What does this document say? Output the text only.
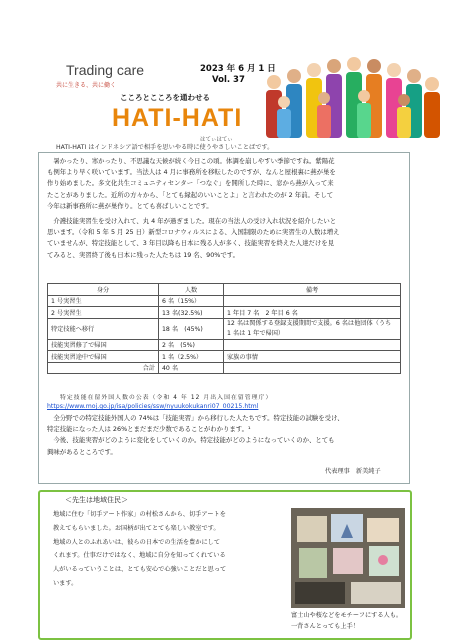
Trading care
共に生きる、共に働く
2023 年 6 月 1 日
Vol. 37
こころとこころを通わせる
HATI-HATI
はてぃはてぃ
HATI-HATI はインドネシア語で相手を思いやる時に使うやさしいことばです。
　暑かったり、寒かったり、不思議な天候が続く今日この頃。体調を崩しやすい季節ですね。紫陽花
も例年より早く咲いています。当法人は 4 月に事務所を移転したのですが、なんと屋根裏に燕が巣を
作り始めました。多文化共生コミュニティセンター「つなぐ」を開所した時に、窓から燕が入って来
たことがありました。近所の方々から、「とても縁起のいいことよ」と言われたのが 2 年前。そして
今年は新事務所に燕が巣作り。とても喜ばしいことです。
　介護技能実習生を受け入れて、丸 4 年が過ぎました。現在の当法人の受け入れ状況を紹介したいと
思います。（令和 5 年 5 月 25 日）新型コロナウィルスによる、入国制限のために実習生の人数は増え
ていませんが、特定技能として、3 年目以降も日本に残る人が多く、技能実習を終えた人達だけを見
てみると、実習終了後も日本に残った人たちは 19 名、90%です。
身分	人数	備考
1 号実習生	6 名（15%）	
2 号実習生	13 名(32.5%)	1 年目 7 名　2 年目 6 名
特定技能へ移行	18 名　(45%)	12 名は関係する登録支援期間で支援。6 名は他団体（うち 1 名は 1 年で帰国）
技能実習修了で帰国	2 名　(5%)	
技能実習途中で帰国	1 名（2.5%）	家族の事情
合計	40 名	
特定技能在留外国人数の公表（令和 4 年 12 月出入国在留管理庁）
https://www.moj.go.jp/isa/policies/ssw/nyuukokukanri07_00215.html
　全分野での特定技能外国人の 74%は「技能実習」から移行した人たちです。特定技能の試験を受け、
特定技能になった人は 26%とまだまだ少数であることがわかります。¹
　今後、技能実習がどのように変化をしていくのか。特定技能がどのようになっていくのか、とても
興味があるところです。
代表理事　新美純子
＜先生は地域住民＞
地域に住む「切手アート作家」の村松さんから、切手アートを
教えてもらいました。お国柄が出てとても楽しい教室です。
地域の人とのふれあいは、彼らの日本での生活を豊かにして
くれます。仕事だけではなく、地域に自分を知ってくれている
人がいるっていうことは、とても安心で心強いことだと思って
います。
富士山や桜などをモチーフにする人も。一背さんとっても上手！
